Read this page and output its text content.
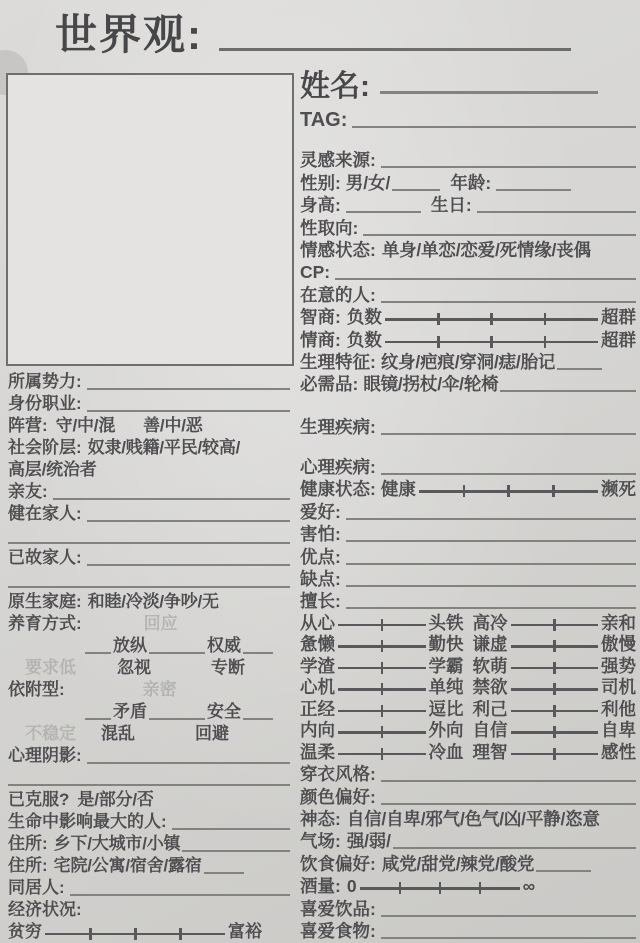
世界观:
姓名:
TAG:
灵感来源:
性别: 男/女/	年龄:
身高:	生日:
性取向:
情感状态: 单身/单恋/恋爱/死情缘/丧偶
CP:
在意的人:
智商: 负数	超群
情商: 负数	超群
生理特征: 纹身/疤痕/穿洞/痣/胎记
必需品: 眼镜/拐杖/伞/轮椅
生理疾病:
心理疾病:
健康状态: 健康	濒死
爱好:
害怕:
优点:
缺点:
擅长:
从心	头铁 高冷	亲和
惫懒	勤快 谦虚	傲慢
学渣	学霸 软萌	强势
心机	单纯 禁欲	司机
正经	逗比 利己	利他
内向	外向 自信	自卑
温柔	冷血 理智	感性
穿衣风格:
颜色偏好:
神态: 自信/自卑/邪气/色气/凶/平静/恣意
气场: 强/弱/
饮食偏好: 咸党/甜党/辣党/酸党
酒量: 0	∞
喜爱饮品:
喜爱食物:
所属势力:
身份职业:
阵营: 守/中/混 善/中/恶
社会阶层: 奴隶/贱籍/平民/较高/
高层/统治者
亲友:
健在家人:
已故家人:
原生家庭: 和睦/冷淡/争吵/无
养育方式:	回应
放纵	权威
要求低 忽视	专断
依附型:	亲密
矛盾	安全
不稳定 混乱	回避
心理阴影:
已克服? 是/部分/否
生命中影响最大的人:
住所: 乡下/大城市/小镇
住所: 宅院/公寓/宿舍/露宿
同居人:
经济状况:
贫穷	富裕
